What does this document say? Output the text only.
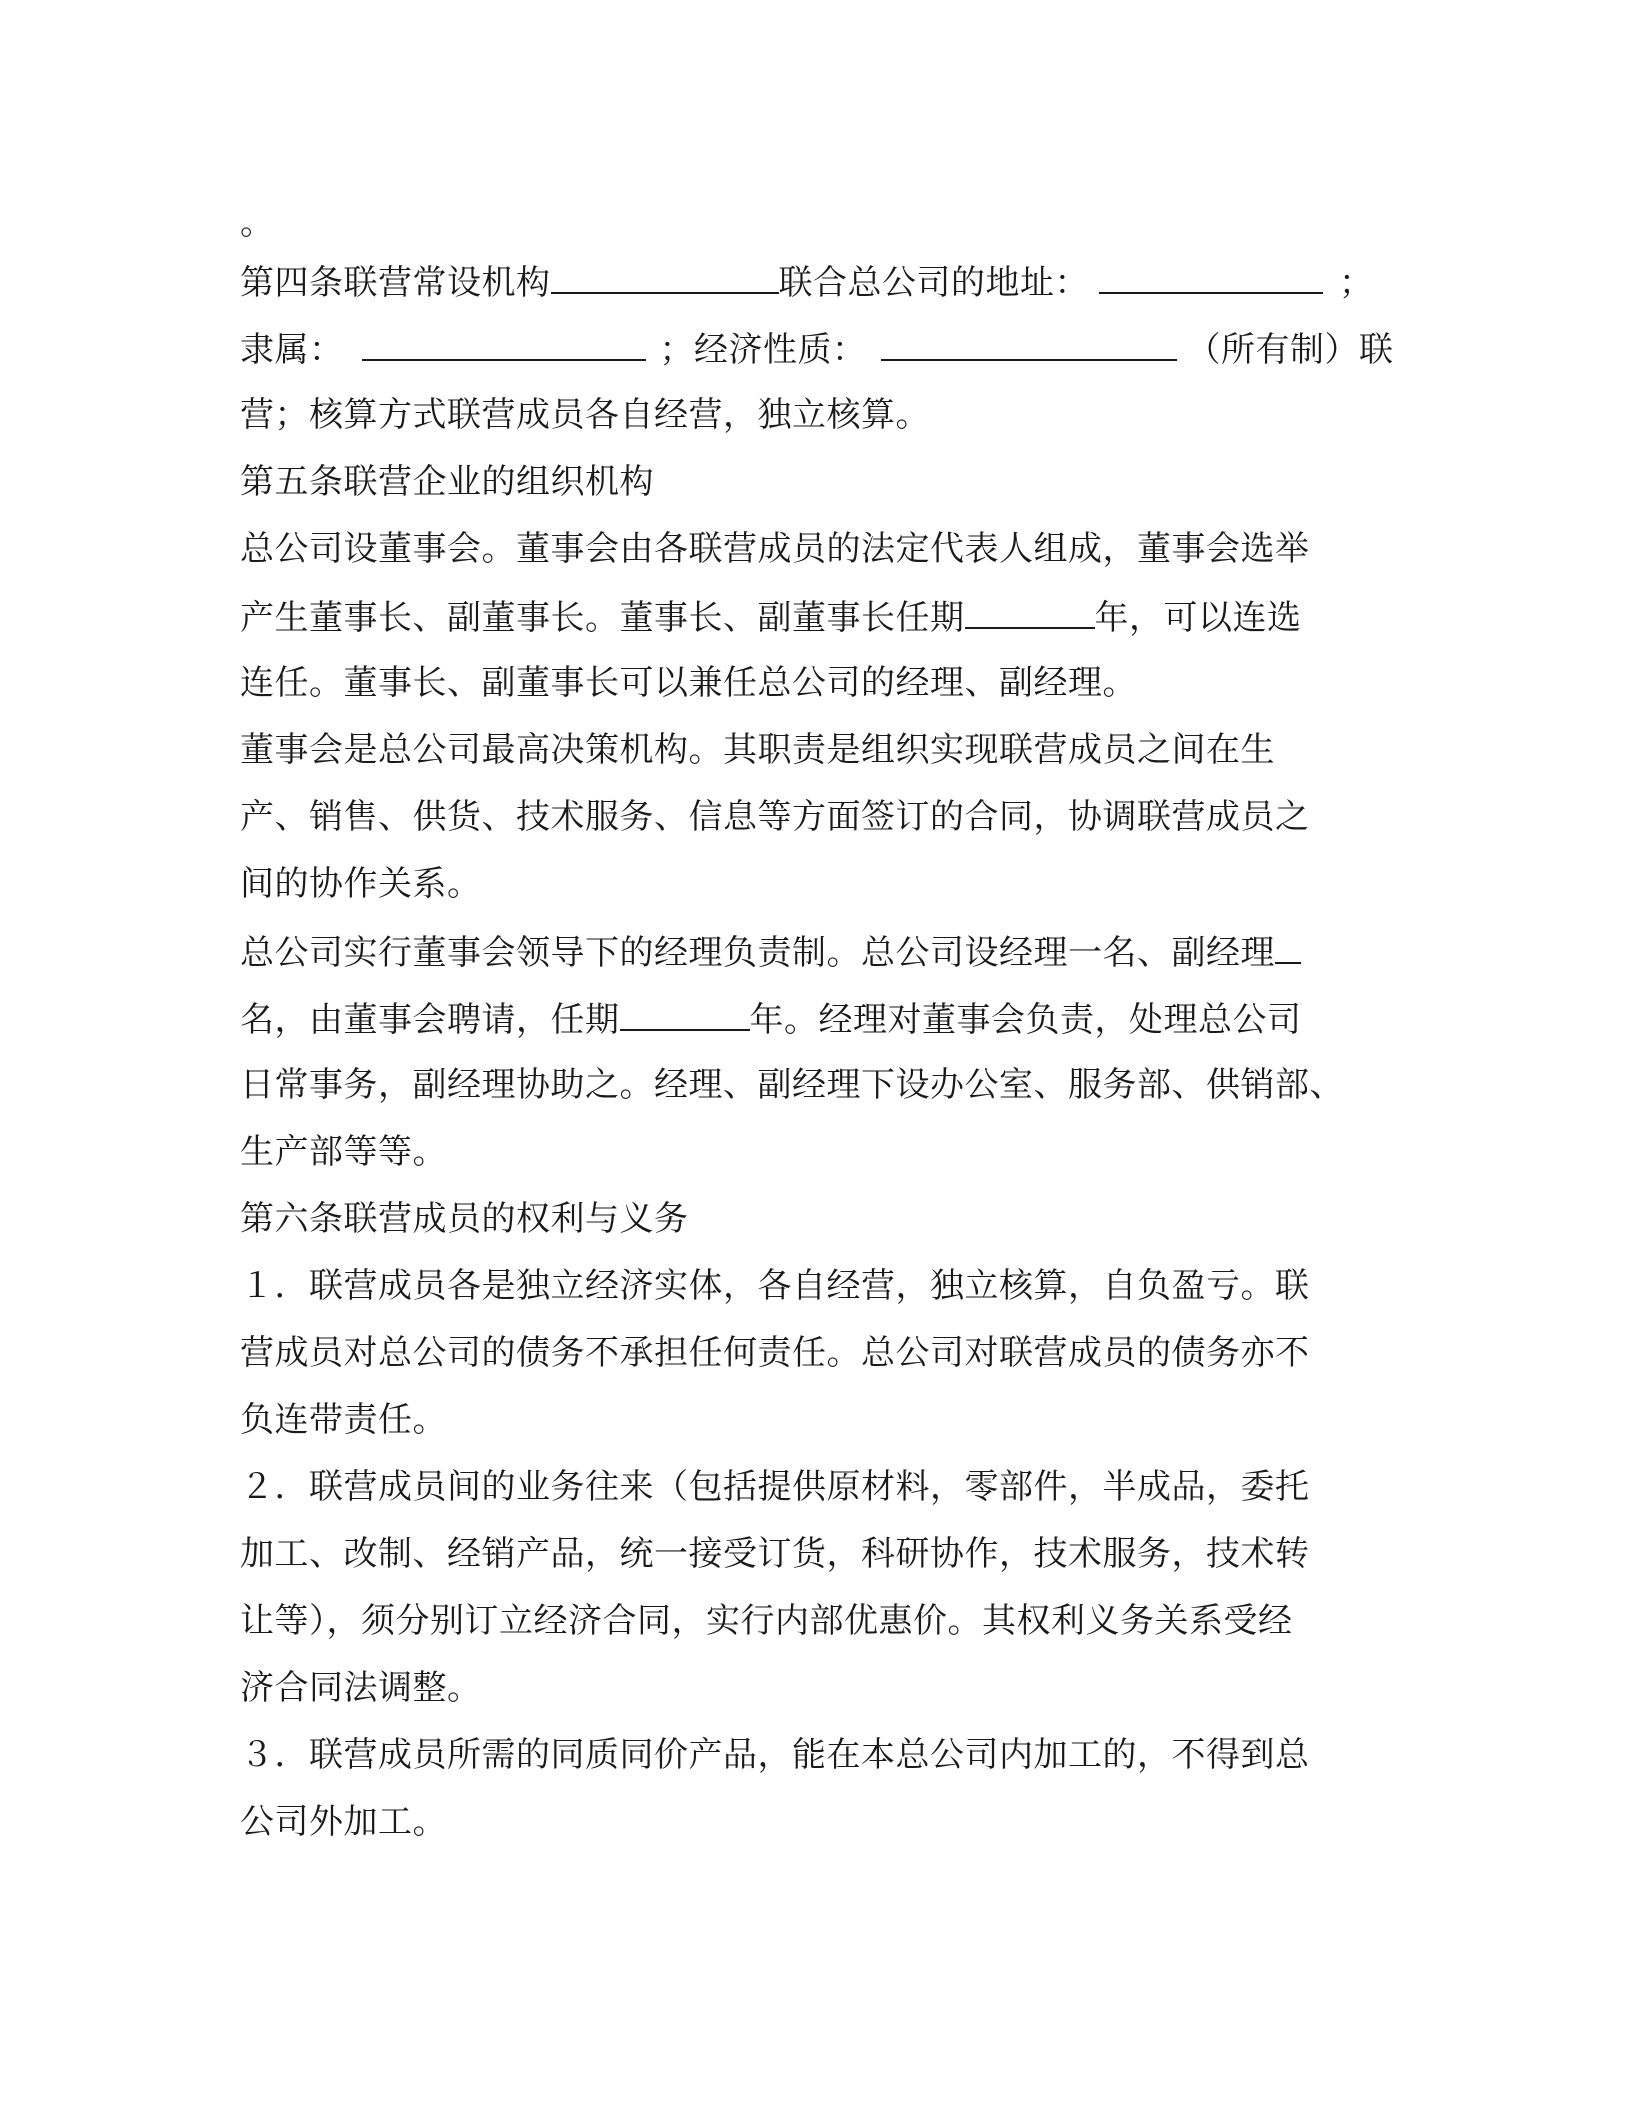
。
第四条联营常设机构	联合总公司的地址：	；
隶属：	；经济性质：	（所有制）联
营；核算方式联营成员各自经营，独立核算。
第五条联营企业的组织机构
总公司设董事会。董事会由各联营成员的法定代表人组成，董事会选举
产生董事长、副董事长。董事长、副董事长任期	年，可以连选
连任。董事长、副董事长可以兼任总公司的经理、副经理。
董事会是总公司最高决策机构。其职责是组织实现联营成员之间在生
产、销售、供货、技术服务、信息等方面签订的合同，协调联营成员之
间的协作关系。
总公司实行董事会领导下的经理负责制。总公司设经理一名、副经理
名，由董事会聘请，任期	年。经理对董事会负责，处理总公司
日常事务，副经理协助之。经理、副经理下设办公室、服务部、供销部、
生产部等等。
第六条联营成员的权利与义务
１．联营成员各是独立经济实体，各自经营，独立核算，自负盈亏。联
营成员对总公司的债务不承担任何责任。总公司对联营成员的债务亦不
负连带责任。
２．联营成员间的业务往来（包括提供原材料，零部件，半成品，委托
加工、改制、经销产品，统一接受订货，科研协作，技术服务，技术转
让等），须分别订立经济合同，实行内部优惠价。其权利义务关系受经
济合同法调整。
３．联营成员所需的同质同价产品，能在本总公司内加工的，不得到总
公司外加工。
